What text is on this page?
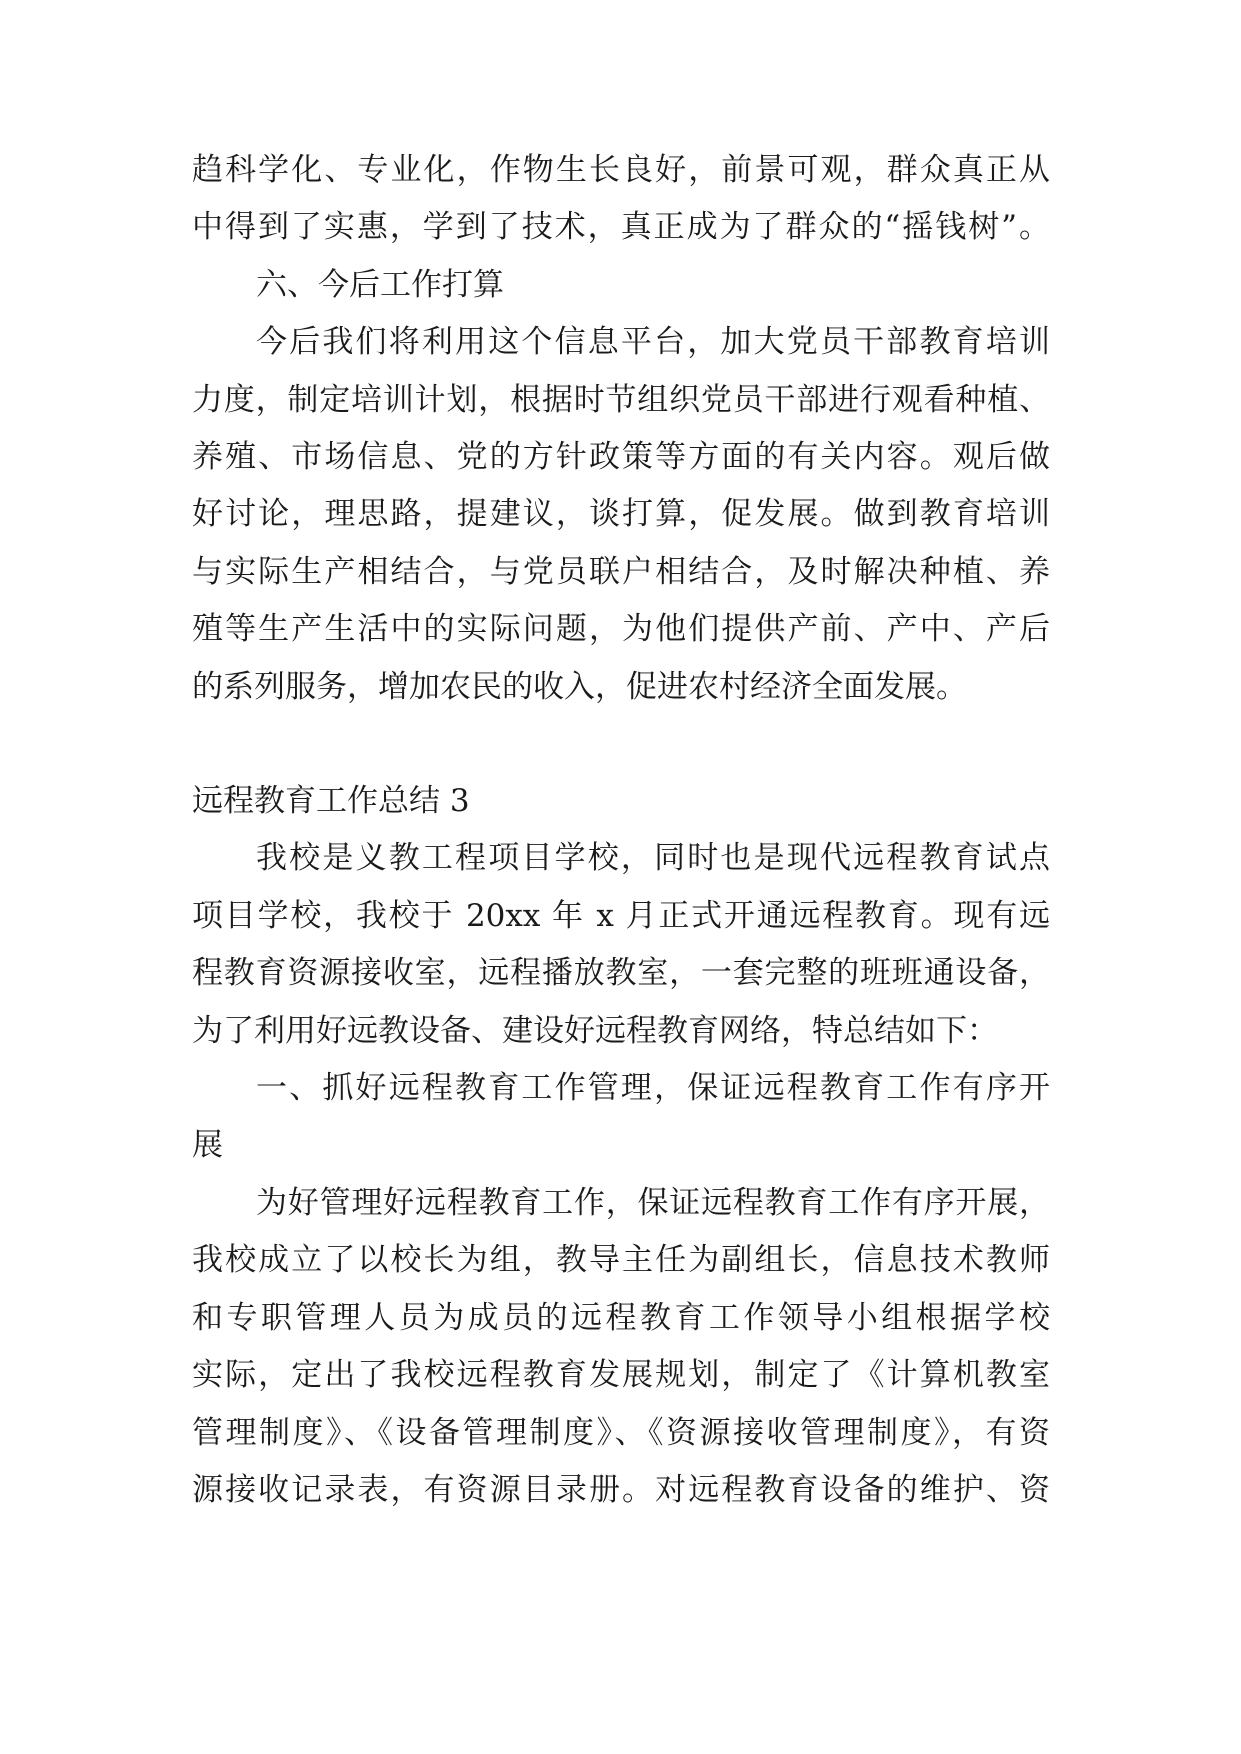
趋科学化、专业化，作物生长良好，前景可观，群众真正从
中得到了实惠，学到了技术，真正成为了群众的“摇钱树”。
六、今后工作打算
今后我们将利用这个信息平台，加大党员干部教育培训
力度，制定培训计划，根据时节组织党员干部进行观看种植、
养殖、市场信息、党的方针政策等方面的有关内容。观后做
好讨论，理思路，提建议，谈打算，促发展。做到教育培训
与实际生产相结合，与党员联户相结合，及时解决种植、养
殖等生产生活中的实际问题，为他们提供产前、产中、产后
的系列服务，增加农民的收入，促进农村经济全面发展。
远程教育工作总结 3
我校是义教工程项目学校，同时也是现代远程教育试点
项目学校，我校于 20xx 年 x 月正式开通远程教育。现有远
程教育资源接收室，远程播放教室，一套完整的班班通设备，
为了利用好远教设备、建设好远程教育网络，特总结如下：
一、抓好远程教育工作管理，保证远程教育工作有序开
展
为好管理好远程教育工作，保证远程教育工作有序开展，
我校成立了以校长为组，教导主任为副组长，信息技术教师
和专职管理人员为成员的远程教育工作领导小组根据学校
实际，定出了我校远程教育发展规划，制定了《计算机教室
管理制度》、《设备管理制度》、《资源接收管理制度》，有资
源接收记录表，有资源目录册。对远程教育设备的维护、资
